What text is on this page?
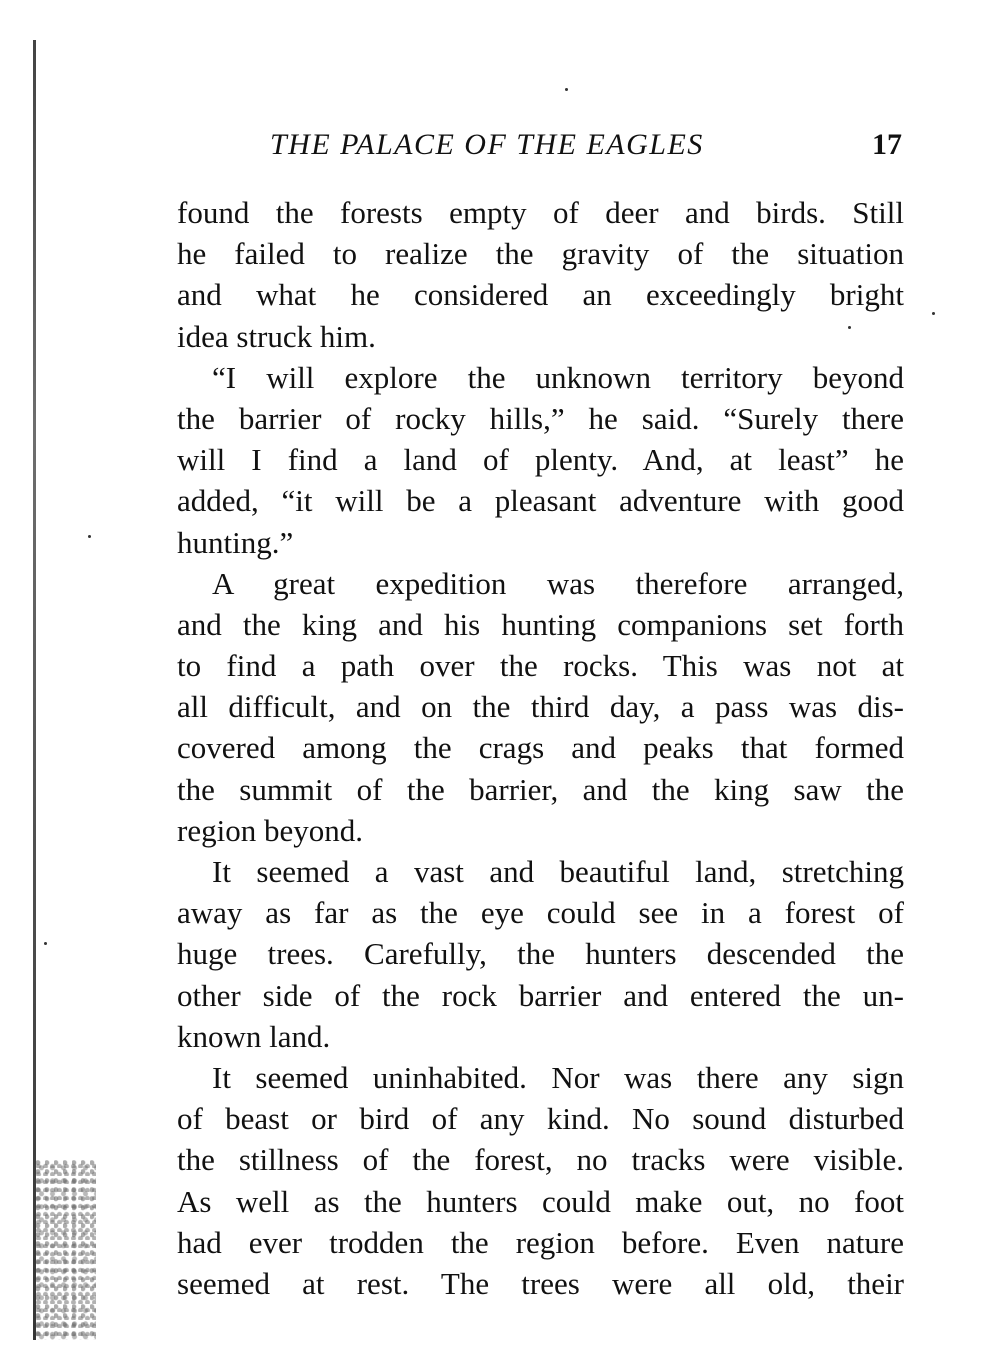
THE PALACE OF THE EAGLES	17
found the forests empty of deer and birds. Still
he failed to realize the gravity of the situation
and what he considered an exceedingly bright
idea struck him.
“I will explore the unknown territory beyond
the barrier of rocky hills,” he said. “Surely there
will I find a land of plenty. And, at least” he
added, “it will be a pleasant adventure with good
hunting.”
A great expedition was therefore arranged,
and the king and his hunting companions set forth
to find a path over the rocks. This was not at
all difficult, and on the third day, a pass was dis-
covered among the crags and peaks that formed
the summit of the barrier, and the king saw the
region beyond.
It seemed a vast and beautiful land, stretching
away as far as the eye could see in a forest of
huge trees. Carefully, the hunters descended the
other side of the rock barrier and entered the un-
known land.
It seemed uninhabited. Nor was there any sign
of beast or bird of any kind. No sound disturbed
the stillness of the forest, no tracks were visible.
As well as the hunters could make out, no foot
had ever trodden the region before. Even nature
seemed at rest. The trees were all old, their
